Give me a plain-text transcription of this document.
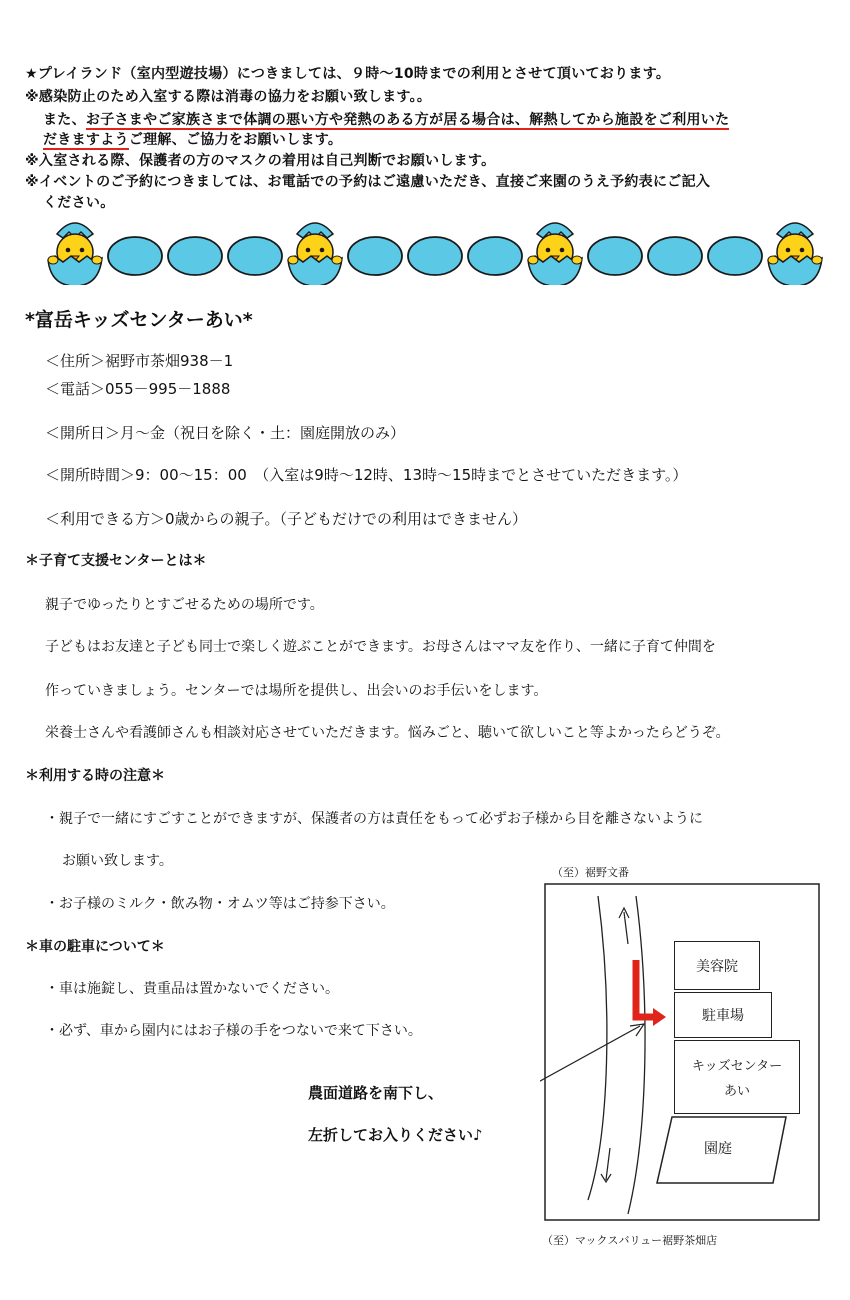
★プレイランド（室内型遊技場）につきましては、９時〜10時までの利用とさせて頂いております。
※感染防止のため入室する際は消毒の協力をお願い致します。。
また、お子さまやご家族さまで体調の悪い方や発熱のある方が居る場合は、解熱してから施設をご利用いた
だきますようご理解、ご協力をお願いします。
※入室される際、保護者の方のマスクの着用は自己判断でお願いします。
※イベントのご予約につきましては、お電話での予約はご遠慮いただき、直接ご来園のうえ予約表にご記入
ください。
*富岳キッズセンターあい*
＜住所＞裾野市茶畑938－1
＜電話＞055－995－1888
＜開所日＞月〜金（祝日を除く・土：園庭開放のみ）
＜開所時間＞9：00〜15：00　（入室は9時〜12時、13時〜15時までとさせていただきます。）
＜利用できる方＞0歳からの親子。（子どもだけでの利用はできません）
＊子育て支援センターとは＊
親子でゆったりとすごせるための場所です。
子どもはお友達と子ども同士で楽しく遊ぶことができます。お母さんはママ友を作り、一緒に子育て仲間を
作っていきましょう。センターでは場所を提供し、出会いのお手伝いをします。
栄養士さんや看護師さんも相談対応させていただきます。悩みごと、聴いて欲しいこと等よかったらどうぞ。
＊利用する時の注意＊
・親子で一緒にすごすことができますが、保護者の方は責任をもって必ずお子様から目を離さないように
お願い致します。
・お子様のミルク・飲み物・オムツ等はご持参下さい。
＊車の駐車について＊
・車は施錠し、貴重品は置かないでください。
・必ず、車から園内にはお子様の手をつないで来て下さい。
（至）裾野文番
美容院
駐車場
キッズセンター
あい
園庭
農面道路を南下し、
左折してお入りください♪
（至）マックスバリュー裾野茶畑店
